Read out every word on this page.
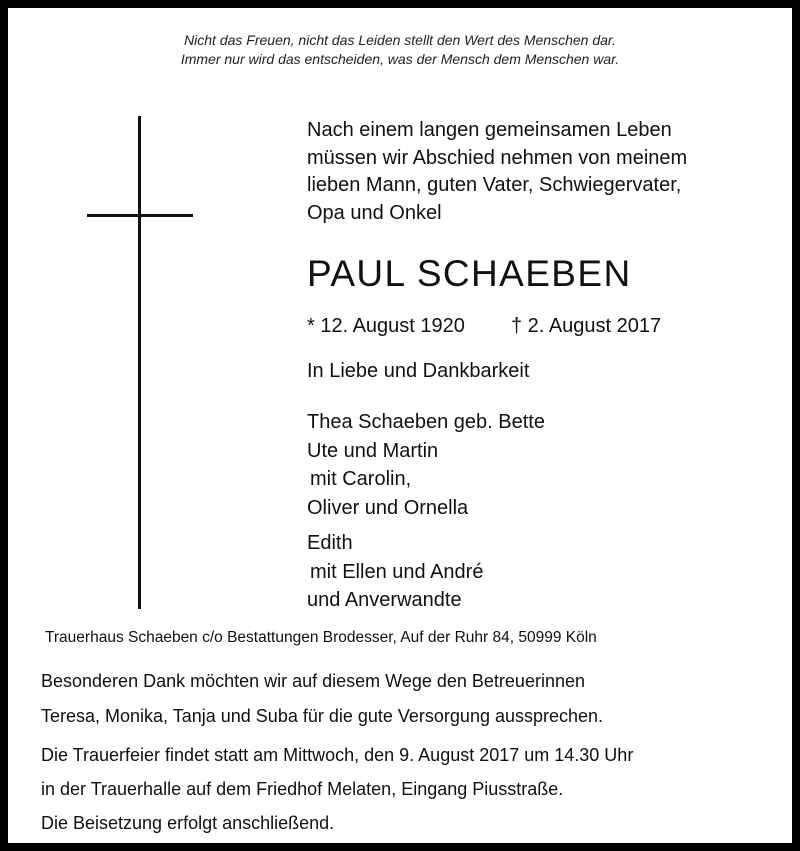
Nicht das Freuen, nicht das Leiden stellt den Wert des Menschen dar.
Immer nur wird das entscheiden, was der Mensch dem Menschen war.
Nach einem langen gemeinsamen Leben
müssen wir Abschied nehmen von meinem
lieben Mann, guten Vater, Schwiegervater,
Opa und Onkel
PAUL SCHAEBEN
* 12. August 1920 † 2. August 2017
In Liebe und Dankbarkeit
Thea Schaeben geb. Bette
Ute und Martin
mit Carolin,
Oliver und Ornella
Edith
mit Ellen und André
und Anverwandte
Trauerhaus Schaeben c/o Bestattungen Brodesser, Auf der Ruhr 84, 50999 Köln
Besonderen Dank möchten wir auf diesem Wege den Betreuerinnen
Teresa, Monika, Tanja und Suba für die gute Versorgung aussprechen.
Die Trauerfeier findet statt am Mittwoch, den 9. August 2017 um 14.30 Uhr
in der Trauerhalle auf dem Friedhof Melaten, Eingang Piusstraße.
Die Beisetzung erfolgt anschließend.
